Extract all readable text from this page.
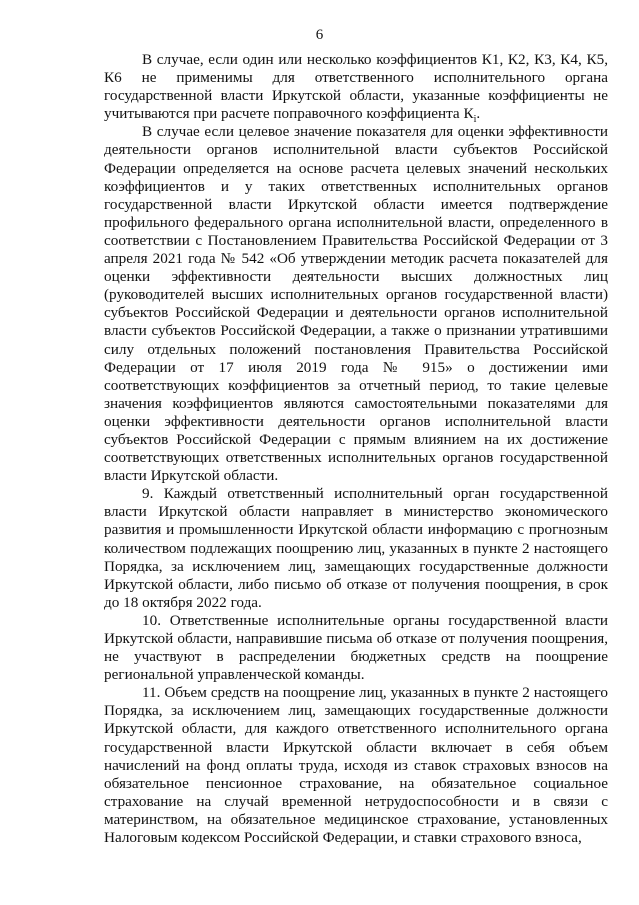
6

В случае, если один или несколько коэффициентов К1, К2, К3, К4, К5, К6 не применимы для ответственного исполнительного органа государственной власти Иркутской области, указанные коэффициенты не учитываются при расчете поправочного коэффициента $К_i$.

В случае если целевое значение показателя для оценки эффективности деятельности органов исполнительной власти субъектов Российской Федерации определяется на основе расчета целевых значений нескольких коэффициентов и у таких ответственных исполнительных органов государственной власти Иркутской области имеется подтверждение профильного федерального органа исполнительной власти, определенного в соответствии с Постановлением Правительства Российской Федерации от 3 апреля 2021 года № 542 «Об утверждении методик расчета показателей для оценки эффективности деятельности высших должностных лиц (руководителей высших исполнительных органов государственной власти) субъектов Российской Федерации и деятельности органов исполнительной власти субъектов Российской Федерации, а также о признании утратившими силу отдельных положений постановления Правительства Российской Федерации от 17 июля 2019 года № 915» о достижении ими соответствующих коэффициентов за отчетный период, то такие целевые значения коэффициентов являются самостоятельными показателями для оценки эффективности деятельности органов исполнительной власти субъектов Российской Федерации с прямым влиянием на их достижение соответствующих ответственных исполнительных органов государственной власти Иркутской области.

9. Каждый ответственный исполнительный орган государственной власти Иркутской области направляет в министерство экономического развития и промышленности Иркутской области информацию с прогнозным количеством подлежащих поощрению лиц, указанных в пункте 2 настоящего Порядка, за исключением лиц, замещающих государственные должности Иркутской области, либо письмо об отказе от получения поощрения, в срок до 18 октября 2022 года.

10. Ответственные исполнительные органы государственной власти Иркутской области, направившие письма об отказе от получения поощрения, не участвуют в распределении бюджетных средств на поощрение региональной управленческой команды.

11. Объем средств на поощрение лиц, указанных в пункте 2 настоящего Порядка, за исключением лиц, замещающих государственные должности Иркутской области, для каждого ответственного исполнительного органа государственной власти Иркутской области включает в себя объем начислений на фонд оплаты труда, исходя из ставок страховых взносов на обязательное пенсионное страхование, на обязательное социальное страхование на случай временной нетрудоспособности и в связи с материнством, на обязательное медицинское страхование, установленных Налоговым кодексом Российской Федерации, и ставки страхового взноса,
